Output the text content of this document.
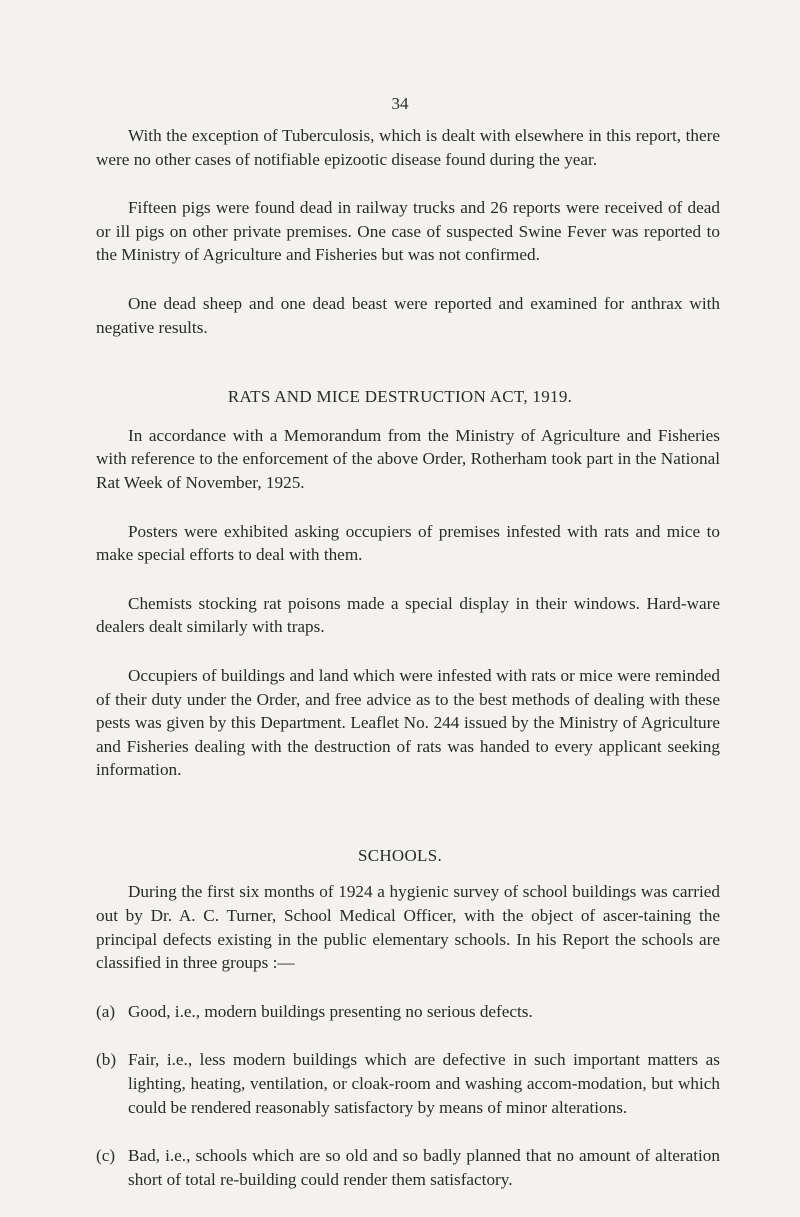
34

With the exception of Tuberculosis, which is dealt with elsewhere in this report, there were no other cases of notifiable epizootic disease found during the year.

Fifteen pigs were found dead in railway trucks and 26 reports were received of dead or ill pigs on other private premises. One case of suspected Swine Fever was reported to the Ministry of Agriculture and Fisheries but was not confirmed.

One dead sheep and one dead beast were reported and examined for anthrax with negative results.

RATS AND MICE DESTRUCTION ACT, 1919.

In accordance with a Memorandum from the Ministry of Agriculture and Fisheries with reference to the enforcement of the above Order, Rotherham took part in the National Rat Week of November, 1925.

Posters were exhibited asking occupiers of premises infested with rats and mice to make special efforts to deal with them.

Chemists stocking rat poisons made a special display in their windows. Hard-ware dealers dealt similarly with traps.

Occupiers of buildings and land which were infested with rats or mice were reminded of their duty under the Order, and free advice as to the best methods of dealing with these pests was given by this Department. Leaflet No. 244 issued by the Ministry of Agriculture and Fisheries dealing with the destruction of rats was handed to every applicant seeking information.

SCHOOLS.

During the first six months of 1924 a hygienic survey of school buildings was carried out by Dr. A. C. Turner, School Medical Officer, with the object of ascer-taining the principal defects existing in the public elementary schools. In his Report the schools are classified in three groups :—

(a) Good, i.e., modern buildings presenting no serious defects.

(b) Fair, i.e., less modern buildings which are defective in such important matters as lighting, heating, ventilation, or cloak-room and washing accom-modation, but which could be rendered reasonably satisfactory by means of minor alterations.

(c) Bad, i.e., schools which are so old and so badly planned that no amount of alteration short of total re-building could render them satisfactory.
